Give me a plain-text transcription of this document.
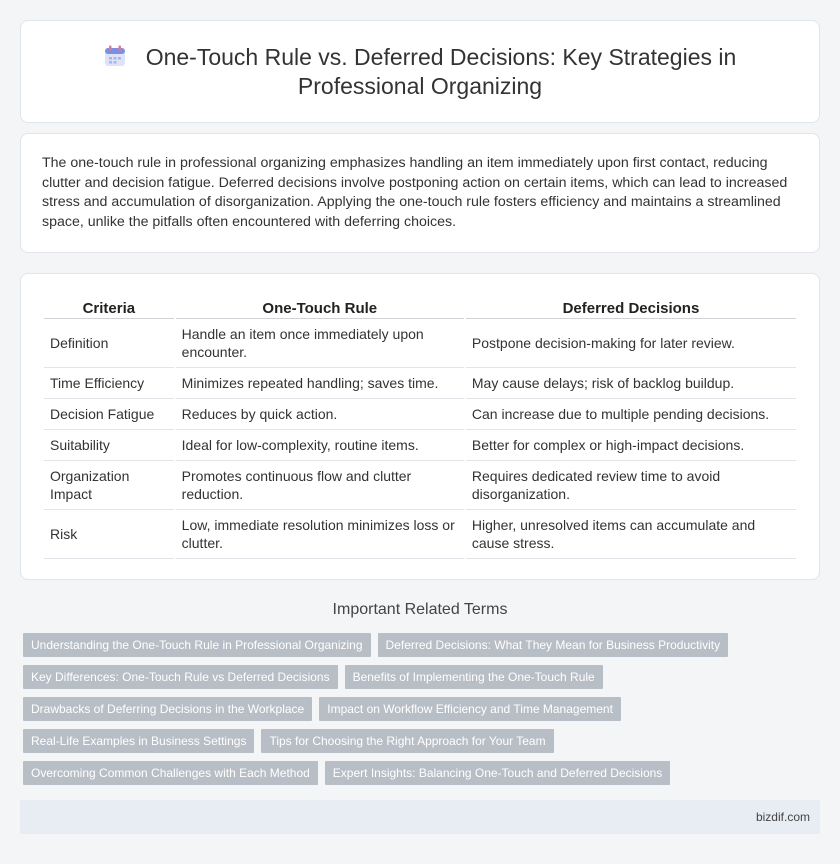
One-Touch Rule vs. Deferred Decisions: Key Strategies in
Professional Organizing

The one-touch rule in professional organizing emphasizes handling an item immediately upon first contact, reducing clutter and decision fatigue. Deferred decisions involve postponing action on certain items, which can lead to increased stress and accumulation of disorganization. Applying the one-touch rule fosters efficiency and maintains a streamlined space, unlike the pitfalls often encountered with deferring choices.

Criteria	One-Touch Rule	Deferred Decisions
Definition	Handle an item once immediately upon encounter.	Postpone decision-making for later review.
Time Efficiency	Minimizes repeated handling; saves time.	May cause delays; risk of backlog buildup.
Decision Fatigue	Reduces by quick action.	Can increase due to multiple pending decisions.
Suitability	Ideal for low-complexity, routine items.	Better for complex or high-impact decisions.
Organization Impact	Promotes continuous flow and clutter reduction.	Requires dedicated review time to avoid disorganization.
Risk	Low, immediate resolution minimizes loss or clutter.	Higher, unresolved items can accumulate and cause stress.
Important Related Terms
Understanding the One-Touch Rule in Professional Organizing	Deferred Decisions: What They Mean for Business Productivity
Key Differences: One-Touch Rule vs Deferred Decisions	Benefits of Implementing the One-Touch Rule
Drawbacks of Deferring Decisions in the Workplace	Impact on Workflow Efficiency and Time Management
Real-Life Examples in Business Settings	Tips for Choosing the Right Approach for Your Team
Overcoming Common Challenges with Each Method	Expert Insights: Balancing One-Touch and Deferred Decisions
bizdif.com
